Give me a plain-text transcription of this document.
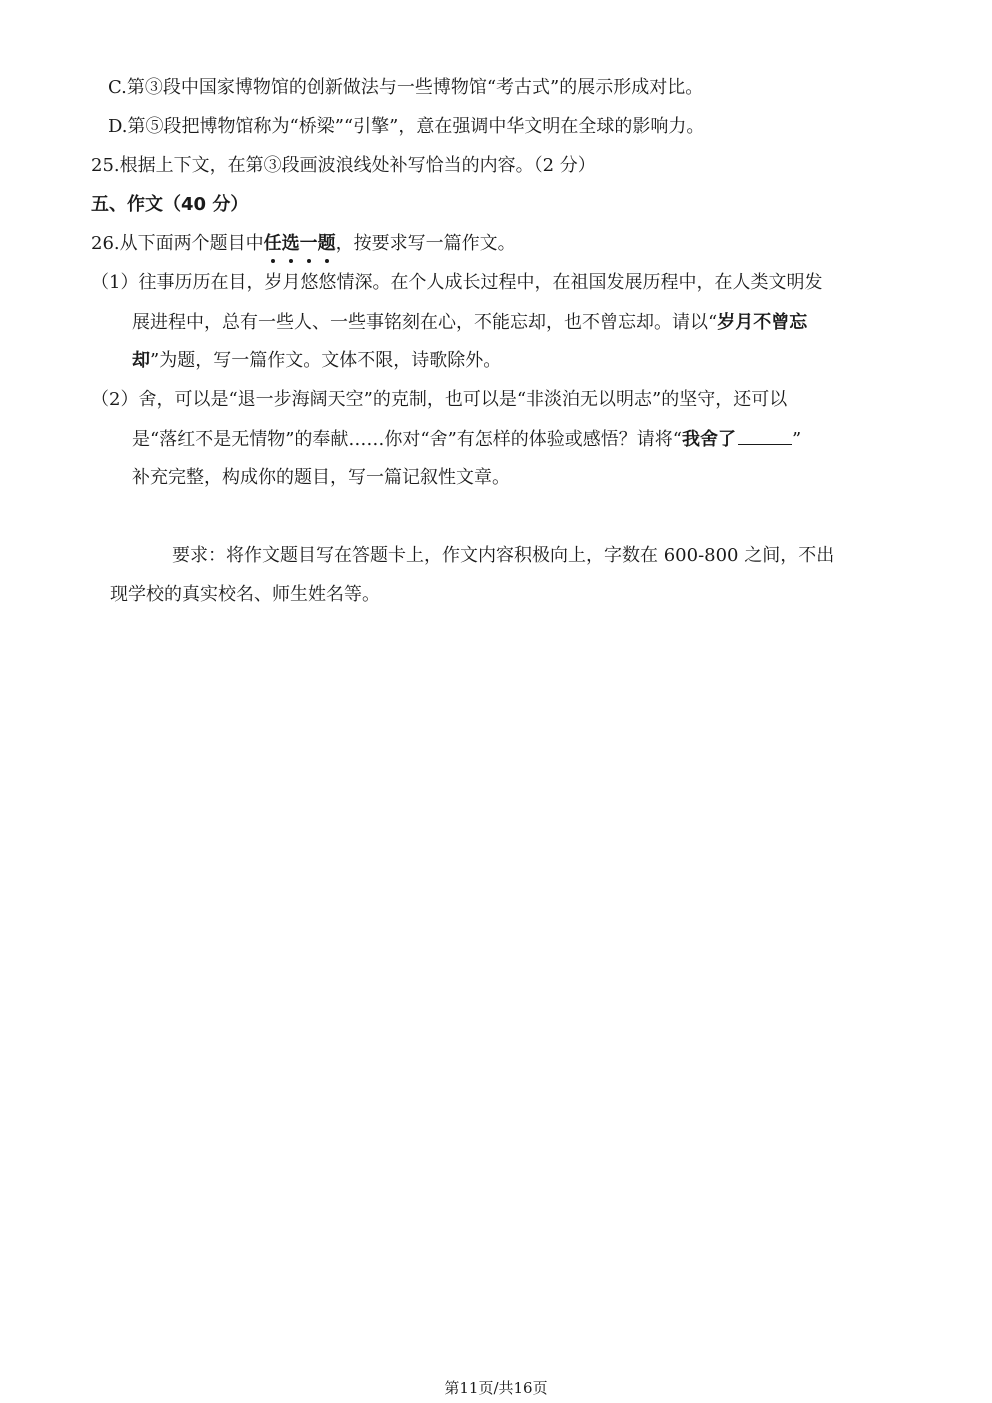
C.第③段中国家博物馆的创新做法与一些博物馆“考古式”的展示形成对比。
D.第⑤段把博物馆称为“桥梁”“引擎”，意在强调中华文明在全球的影响力。
25.根据上下文，在第③段画波浪线处补写恰当的内容。（2 分）
五、作文（40 分）
26.从下面两个题目中任选一题，按要求写一篇作文。
（1）往事历历在目，岁月悠悠情深。在个人成长过程中，在祖国发展历程中，在人类文明发
展进程中，总有一些人、一些事铭刻在心，不能忘却，也不曾忘却。请以“岁月不曾忘
却”为题，写一篇作文。文体不限，诗歌除外。
（2）舍，可以是“退一步海阔天空”的克制，也可以是“非淡泊无以明志”的坚守，还可以
是“落红不是无情物”的奉献……你对“舍”有怎样的体验或感悟？请将“我舍了	”
补充完整，构成你的题目，写一篇记叙性文章。
要求：将作文题目写在答题卡上，作文内容积极向上，字数在 600-800 之间，不出
现学校的真实校名、师生姓名等。
第11页/共16页
